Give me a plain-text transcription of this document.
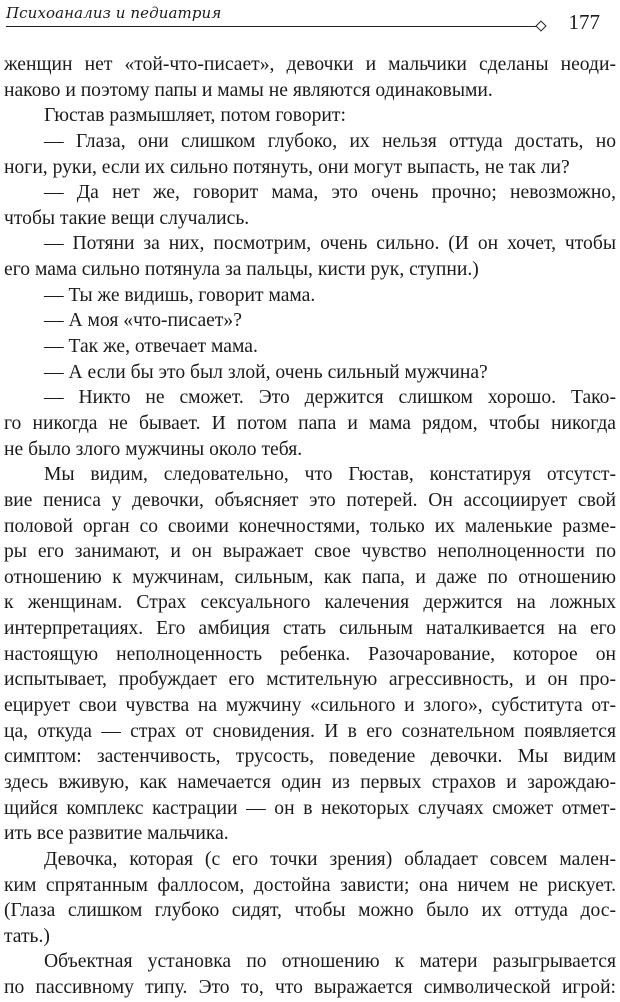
Психоанализ и педиатрия	177
женщин нет «той-что-писает», девочки и мальчики сделаны неоди-
наково и поэтому папы и мамы не являются одинаковыми.
Гюстав размышляет, потом говорит:
— Глаза, они слишком глубоко, их нельзя оттуда достать, но
ноги, руки, если их сильно потянуть, они могут выпасть, не так ли?
— Да нет же, говорит мама, это очень прочно; невозможно,
чтобы такие вещи случались.
— Потяни за них, посмотрим, очень сильно. (И он хочет, чтобы
его мама сильно потянула за пальцы, кисти рук, ступни.)
— Ты же видишь, говорит мама.
— А моя «что-писает»?
— Так же, отвечает мама.
— А если бы это был злой, очень сильный мужчина?
— Никто не сможет. Это держится слишком хорошо. Тако-
го никогда не бывает. И потом папа и мама рядом, чтобы никогда
не было злого мужчины около тебя.
Мы видим, следовательно, что Гюстав, констатируя отсутст-
вие пениса у девочки, объясняет это потерей. Он ассоциирует свой
половой орган со своими конечностями, только их маленькие разме-
ры его занимают, и он выражает свое чувство неполноценности по
отношению к мужчинам, сильным, как папа, и даже по отношению
к женщинам. Страх сексуального калечения держится на ложных
интерпретациях. Его амбиция стать сильным наталкивается на его
настоящую неполноценность ребенка. Разочарование, которое он
испытывает, пробуждает его мстительную агрессивность, и он про-
ецирует свои чувства на мужчину «сильного и злого», субститута от-
ца, откуда — страх от сновидения. И в его сознательном появляется
симптом: застенчивость, трусость, поведение девочки. Мы видим
здесь вживую, как намечается один из первых страхов и зарождаю-
щийся комплекс кастрации — он в некоторых случаях сможет отмет-
ить все развитие мальчика.
Девочка, которая (с его точки зрения) обладает совсем мален-
ким спрятанным фаллосом, достойна зависти; она ничем не рискует.
(Глаза слишком глубоко сидят, чтобы можно было их оттуда дос-
тать.)
Объектная установка по отношению к матери разыгрывается
по пассивному типу. Это то, что выражается символической игрой:
